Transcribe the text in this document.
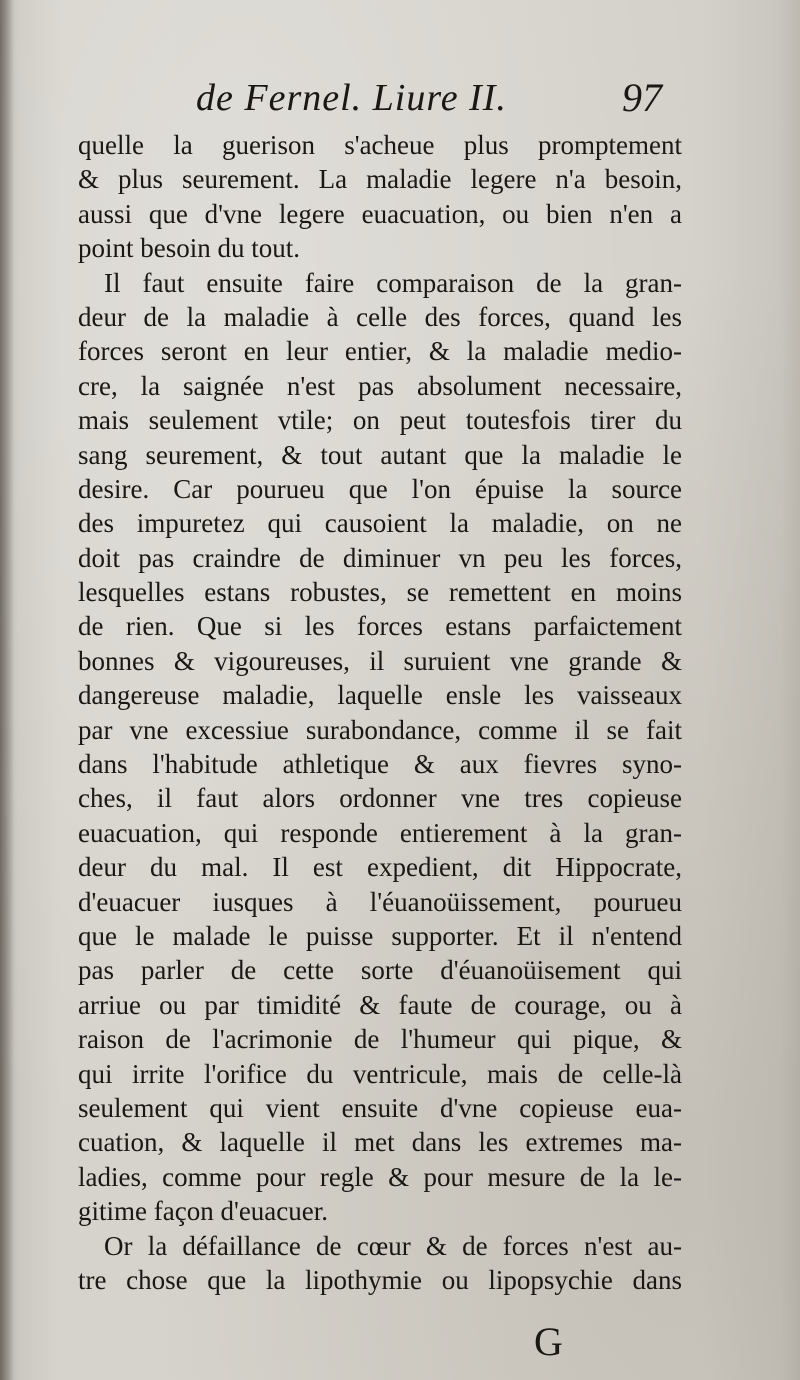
de Fernel. Liure II.	97
quelle la guerison s'acheue plus promptement
& plus seurement. La maladie legere n'a besoin,
aussi que d'vne legere euacuation, ou bien n'en a
point besoin du tout.
Il faut ensuite faire comparaison de la gran-
deur de la maladie à celle des forces, quand les
forces seront en leur entier, & la maladie medio-
cre, la saignée n'est pas absolument necessaire,
mais seulement vtile; on peut toutesfois tirer du
sang seurement, & tout autant que la maladie le
desire. Car pourueu que l'on épuise la source
des impuretez qui causoient la maladie, on ne
doit pas craindre de diminuer vn peu les forces,
lesquelles estans robustes, se remettent en moins
de rien. Que si les forces estans parfaictement
bonnes & vigoureuses, il suruient vne grande &
dangereuse maladie, laquelle ensle les vaisseaux
par vne excessiue surabondance, comme il se fait
dans l'habitude athletique & aux fievres syno-
ches, il faut alors ordonner vne tres copieuse
euacuation, qui responde entierement à la gran-
deur du mal. Il est expedient, dit Hippocrate,
d'euacuer iusques à l'éuanoüissement, pourueu
que le malade le puisse supporter. Et il n'entend
pas parler de cette sorte d'éuanoüisement qui
arriue ou par timidité & faute de courage, ou à
raison de l'acrimonie de l'humeur qui pique, &
qui irrite l'orifice du ventricule, mais de celle-là
seulement qui vient ensuite d'vne copieuse eua-
cuation, & laquelle il met dans les extremes ma-
ladies, comme pour regle & pour mesure de la le-
gitime façon d'euacuer.
Or la défaillance de cœur & de forces n'est au-
tre chose que la lipothymie ou lipopsychie dans
G
